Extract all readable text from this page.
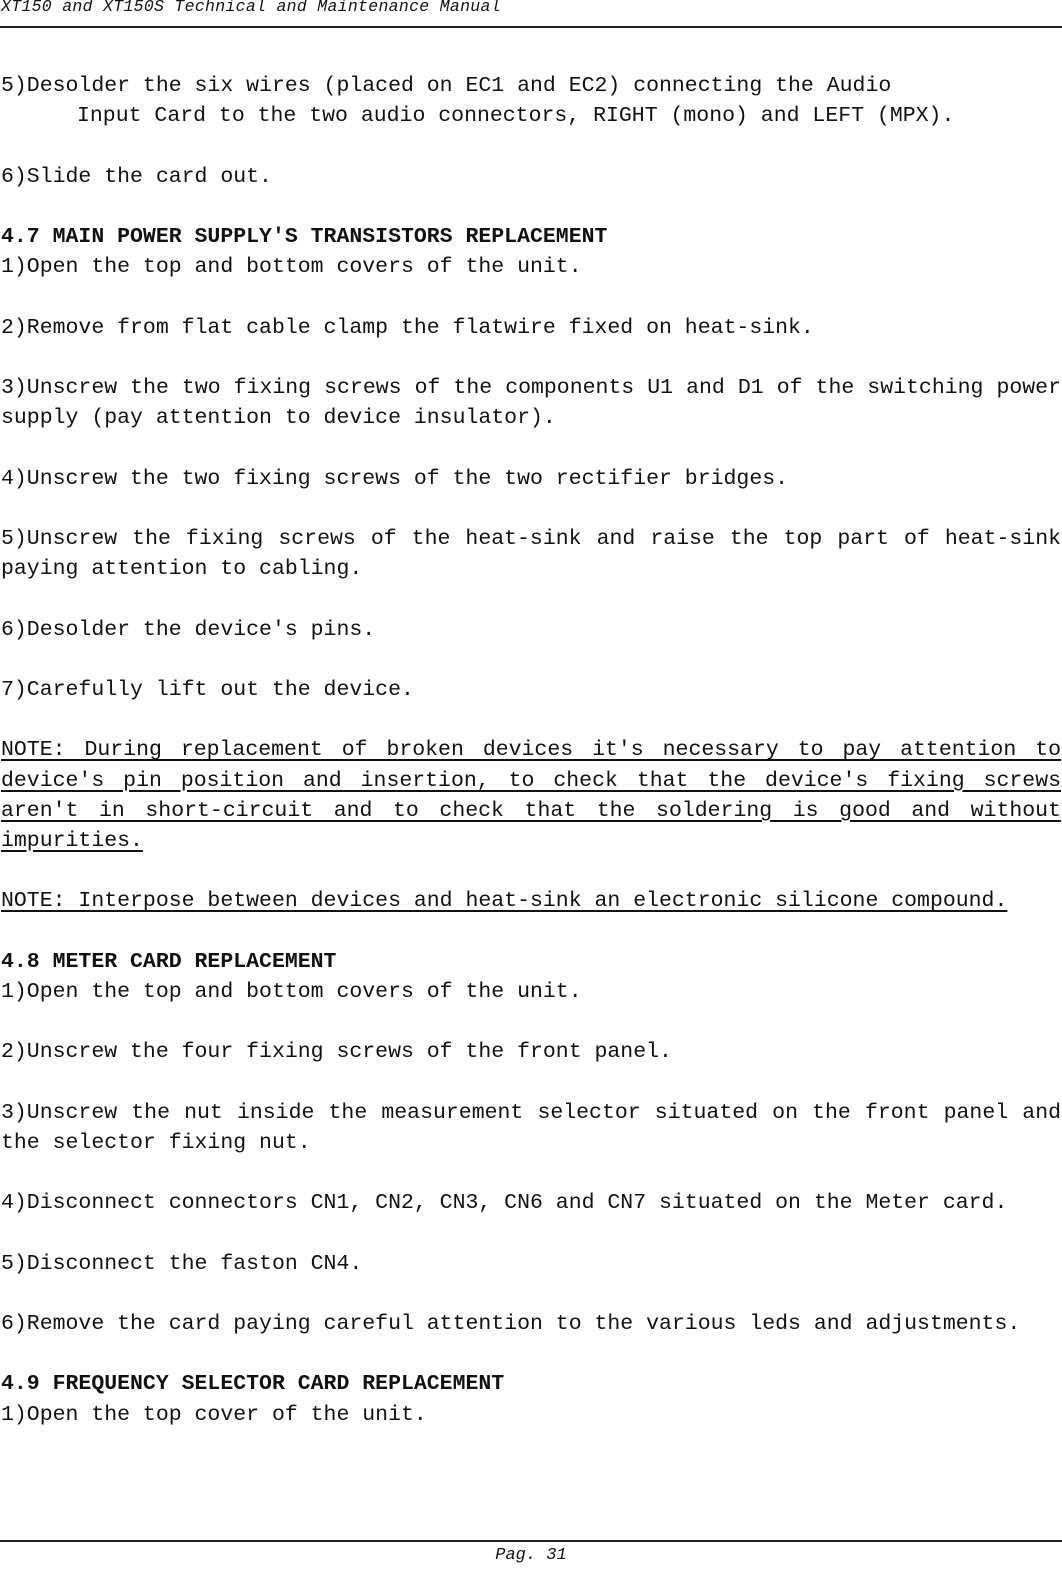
XT150 and XT150S Technical and Maintenance Manual

5)Desolder the six wires (placed on EC1 and EC2) connecting the Audio

Input Card to the two audio connectors, RIGHT (mono) and LEFT (MPX).

6)Slide the card out.

4.7 MAIN POWER SUPPLY'S TRANSISTORS REPLACEMENT

1)Open the top and bottom covers of the unit.

2)Remove from flat cable clamp the flatwire fixed on heat-sink.

3)Unscrew the two fixing screws of the components U1 and D1 of the switching power supply (pay attention to device insulator).

4)Unscrew the two fixing screws of the two rectifier bridges.

5)Unscrew the fixing screws of the heat-sink and raise the top part of heat-sink paying attention to cabling.

6)Desolder the device's pins.

7)Carefully lift out the device.

NOTE: During replacement of broken devices it's necessary to pay attention to device's pin position and insertion, to check that the device's fixing screws aren't in short-circuit and to check that the soldering is good and without impurities.

NOTE: Interpose between devices and heat-sink an electronic silicone compound.

4.8 METER CARD REPLACEMENT

1)Open the top and bottom covers of the unit.

2)Unscrew the four fixing screws of the front panel.

3)Unscrew the nut inside the measurement selector situated on the front panel and the selector fixing nut.

4)Disconnect connectors CN1, CN2, CN3, CN6 and CN7 situated on the Meter card.

5)Disconnect the faston CN4.

6)Remove the card paying careful attention to the various leds and adjustments.

4.9 FREQUENCY SELECTOR CARD REPLACEMENT

1)Open the top cover of the unit.

Pag. 31
